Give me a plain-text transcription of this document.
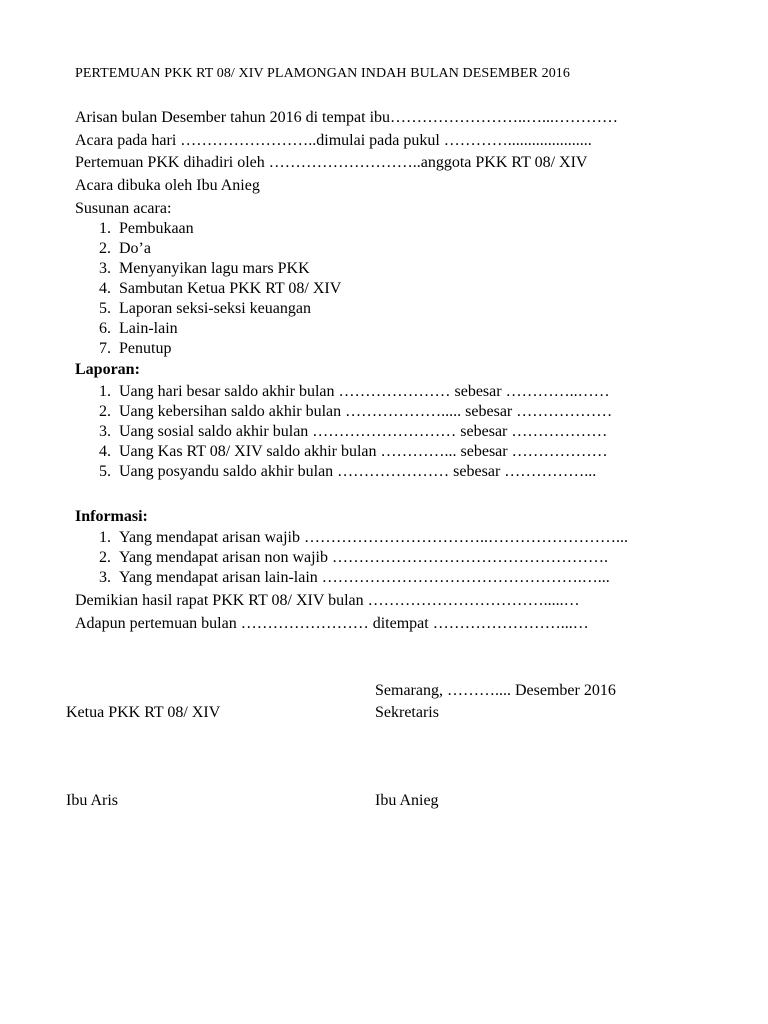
PERTEMUAN PKK RT 08/ XIV PLAMONGAN INDAH BULAN DESEMBER 2016
Arisan bulan Desember tahun 2016 di tempat ibu……………………..…...…………
Acara pada hari ……………………..dimulai pada pukul ………….....................
Pertemuan PKK dihadiri oleh ………………………..anggota PKK RT 08/ XIV
Acara dibuka oleh Ibu Anieg
Susunan acara:
1. Pembukaan
2. Do’a
3. Menyanyikan lagu mars PKK
4. Sambutan Ketua PKK RT 08/ XIV
5. Laporan seksi-seksi keuangan
6. Lain-lain
7. Penutup
Laporan:
1. Uang hari besar saldo akhir bulan ………………… sebesar …………..……
2. Uang kebersihan saldo akhir bulan ………………..... sebesar ………………
3. Uang sosial saldo akhir bulan ……………………… sebesar ………………
4. Uang Kas RT 08/ XIV saldo akhir bulan …………... sebesar ………………
5. Uang posyandu saldo akhir bulan ………………… sebesar ……………...
Informasi:
1. Yang mendapat arisan wajib ……………………………..……………………...
2. Yang mendapat arisan non wajib …………………………………………….
3. Yang mendapat arisan lain-lain ………………………………………….…...
Demikian hasil rapat PKK RT 08/ XIV bulan …………………………….....…
Adapun pertemuan bulan …………………… ditempat ……………………...…
Semarang, ……….... Desember 2016
Ketua PKK RT 08/ XIV	Sekretaris
Ibu Aris	Ibu Anieg
